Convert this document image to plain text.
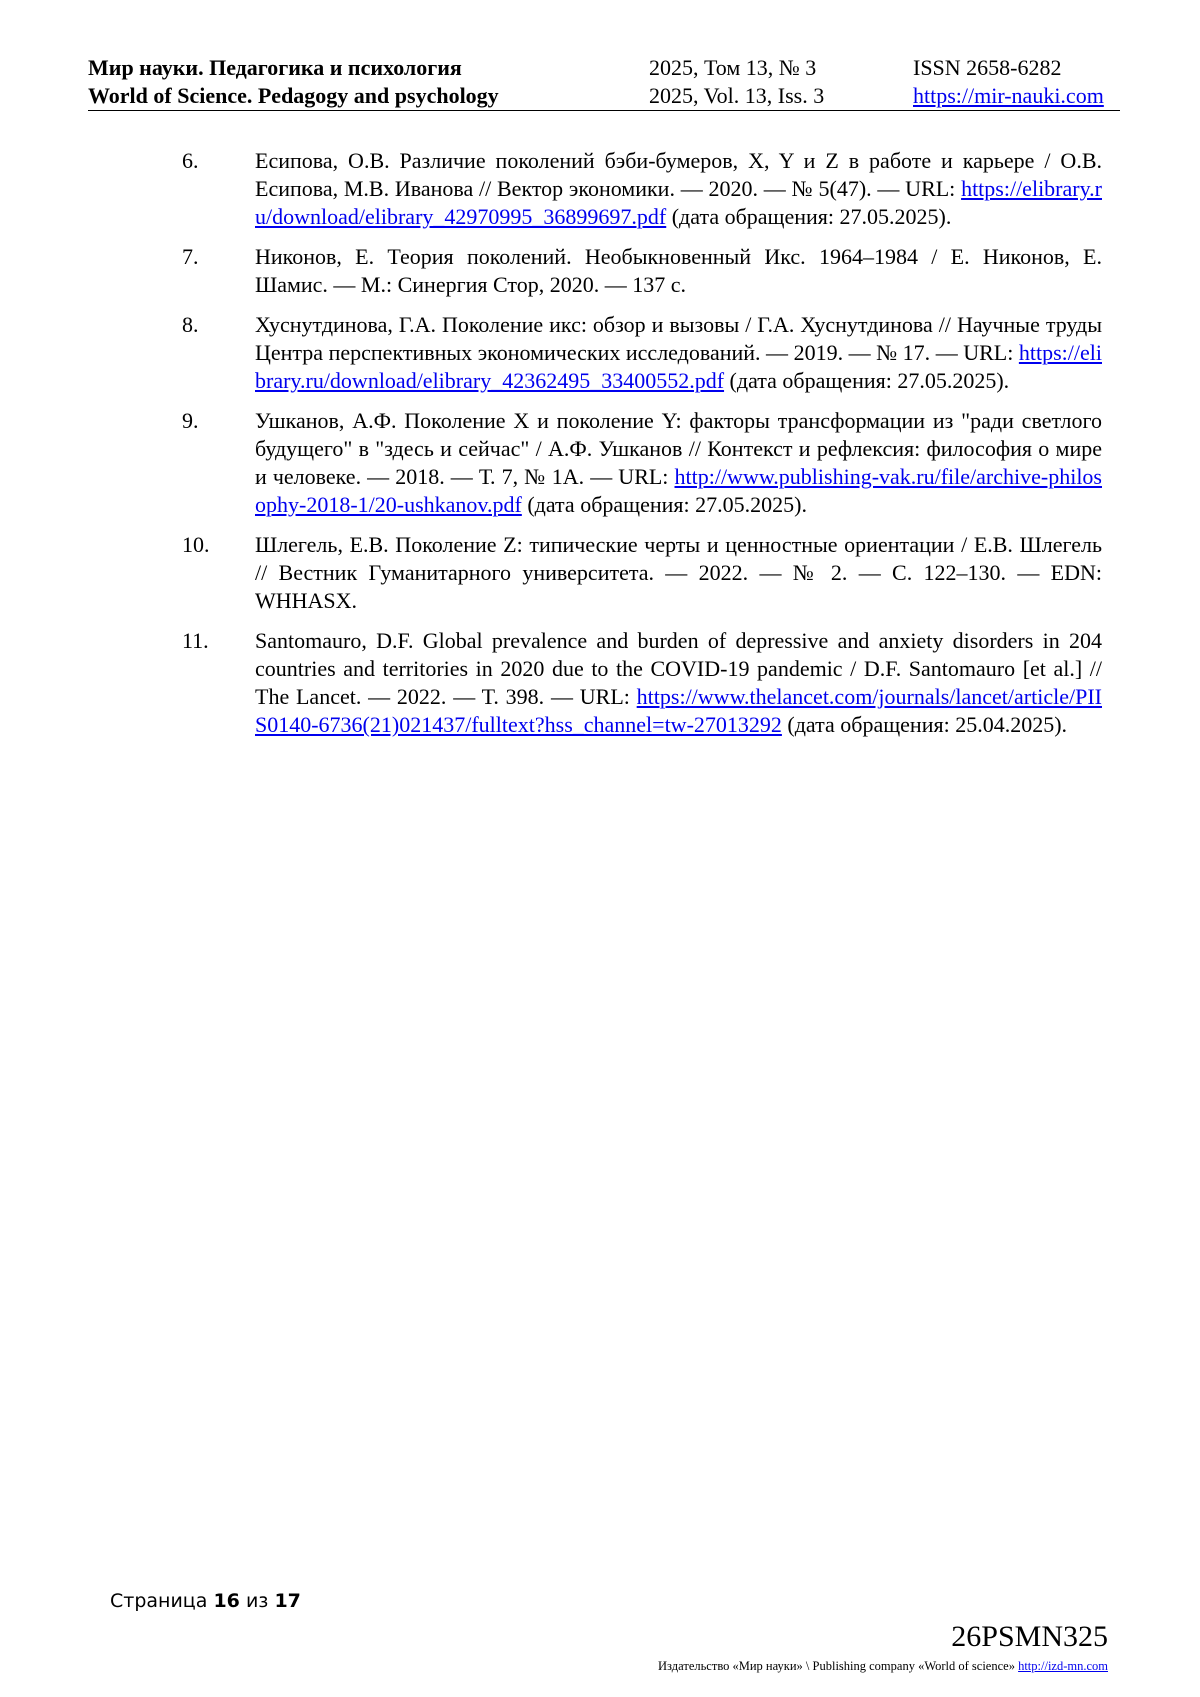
Мир науки. Педагогика и психология
World of Science. Pedagogy and psychology
2025, Том 13, № 3
2025, Vol. 13, Iss. 3
ISSN 2658-6282
https://mir-nauki.com
6.	Есипова, О.В. Различие поколений бэби-бумеров, X, Y и Z в работе и карьере / О.В. Есипова, М.В. Иванова // Вектор экономики. — 2020. — № 5(47). — URL: https://elibrary.ru/download/elibrary_42970995_36899697.pdf (дата обращения: 27.05.2025).
7.	Никонов, Е. Теория поколений. Необыкновенный Икс. 1964–1984 / Е. Никонов, Е. Шамис. — М.: Синергия Стор, 2020. — 137 с.
8.	Хуснутдинова, Г.А. Поколение икс: обзор и вызовы / Г.А. Хуснутдинова // Научные труды Центра перспективных экономических исследований. — 2019. — № 17. — URL: https://elibrary.ru/download/elibrary_42362495_33400552.pdf (дата обращения: 27.05.2025).
9.	Ушканов, А.Ф. Поколение X и поколение Y: факторы трансформации из "ради светлого будущего" в "здесь и сейчас" / А.Ф. Ушканов // Контекст и рефлексия: философия о мире и человеке. — 2018. — Т. 7, № 1А. — URL: http://www.publishing-vak.ru/file/archive-philosophy-2018-1/20-ushkanov.pdf (дата обращения: 27.05.2025).
10.	Шлегель, Е.В. Поколение Z: типические черты и ценностные ориентации / Е.В. Шлегель // Вестник Гуманитарного университета. — 2022. — № 2. — С. 122–130. — EDN: WHHASX.
11.	Santomauro, D.F. Global prevalence and burden of depressive and anxiety disorders in 204 countries and territories in 2020 due to the COVID-19 pandemic / D.F. Santomauro [et al.] // The Lancet. — 2022. — T. 398. — URL: https://www.thelancet.com/journals/lancet/article/PIIS0140-6736(21)021437/fulltext?hss_channel=tw-27013292 (дата обращения: 25.04.2025).
Страница 16 из 17
26PSMN325
Издательство «Мир науки» \ Publishing company «World of science» http://izd-mn.com
